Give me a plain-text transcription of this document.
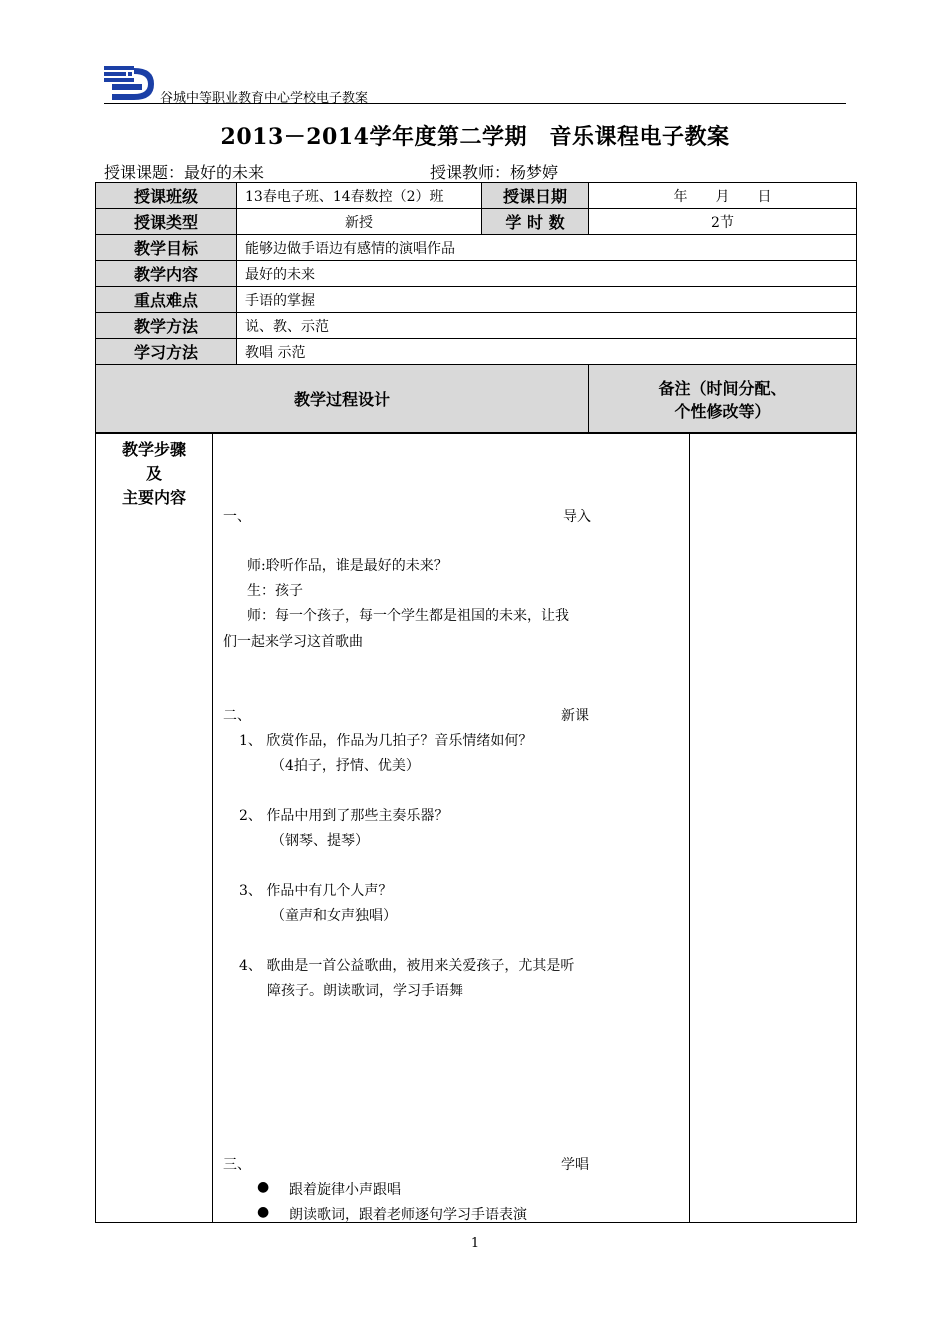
谷城中等职业教育中心学校电子教案
2013－2014学年度第二学期　音乐课程电子教案
授课课题：最好的未来	授课教师：杨梦婷
授课班级	13春电子班、14春数控（2）班	授课日期	年　　月　　日
授课类型	新授	学 时 数	2节
教学目标	能够边做手语边有感情的演唱作品		
教学内容	最好的未来		
重点难点	手语的掌握		
教学方法	说、教、示范		
学习方法	教唱 示范		
教学过程设计			备注（时间分配、
个性修改等）
教学步骤
及
主要内容

一、	导入
师:聆听作品，谁是最好的未来？
生：孩子
师：每一个孩子，每一个学生都是祖国的未来，让我
们一起来学习这首歌曲
二、	新课
1、 欣赏作品，作品为几拍子？音乐情绪如何？
（4拍子，抒情、优美）
2、 作品中用到了那些主奏乐器？
（钢琴、提琴）
3、 作品中有几个人声？
（童声和女声独唱）
4、 歌曲是一首公益歌曲，被用来关爱孩子，尤其是听
障孩子。朗读歌词，学习手语舞
三、	学唱
● 跟着旋律小声跟唱
● 朗读歌词，跟着老师逐句学习手语表演

1
